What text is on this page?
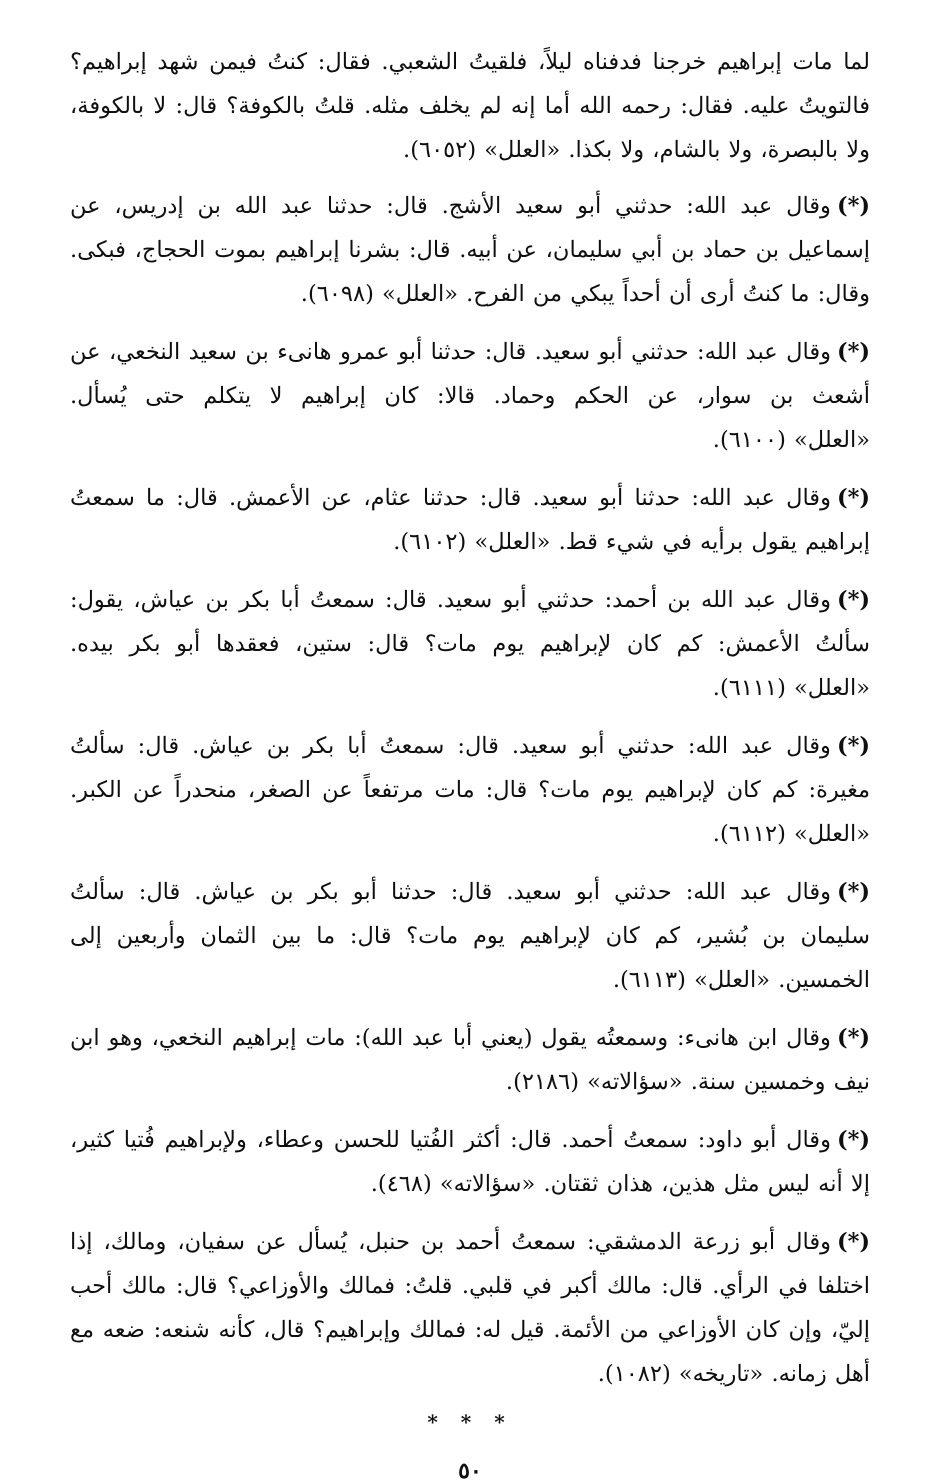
لما مات إبراهيم خرجنا فدفناه ليلاً، فلقيتُ الشعبي. فقال: كنتُ فيمن شهد إبراهيم؟ فالتويتُ عليه. فقال: رحمه الله أما إنه لم يخلف مثله. قلتُ بالكوفة؟ قال: لا بالكوفة، ولا بالبصرة، ولا بالشام، ولا بكذا. «العلل» (٦٠٥٢).

(*)وقال عبد الله: حدثني أبو سعيد الأشج. قال: حدثنا عبد الله بن إدريس، عن إسماعيل بن حماد بن أبي سليمان، عن أبيه. قال: بشرنا إبراهيم بموت الحجاج، فبكى. وقال: ما كنتُ أرى أن أحداً يبكي من الفرح. «العلل» (٦٠٩٨).

(*)وقال عبد الله: حدثني أبو سعيد. قال: حدثنا أبو عمرو هانىء بن سعيد النخعي، عن أشعث بن سوار، عن الحكم وحماد. قالا: كان إبراهيم لا يتكلم حتى يُسأل. «العلل» (٦١٠٠).

(*)وقال عبد الله: حدثنا أبو سعيد. قال: حدثنا عثام، عن الأعمش. قال: ما سمعتُ إبراهيم يقول برأيه في شيء قط. «العلل» (٦١٠٢).

(*)وقال عبد الله بن أحمد: حدثني أبو سعيد. قال: سمعتُ أبا بكر بن عياش، يقول: سألتُ الأعمش: كم كان لإبراهيم يوم مات؟ قال: ستين، فعقدها أبو بكر بيده. «العلل» (٦١١١).

(*)وقال عبد الله: حدثني أبو سعيد. قال: سمعتُ أبا بكر بن عياش. قال: سألتُ مغيرة: كم كان لإبراهيم يوم مات؟ قال: مات مرتفعاً عن الصغر، منحدراً عن الكبر. «العلل» (٦١١٢).

(*)وقال عبد الله: حدثني أبو سعيد. قال: حدثنا أبو بكر بن عياش. قال: سألتُ سليمان بن بُشير، كم كان لإبراهيم يوم مات؟ قال: ما بين الثمان وأربعين إلى الخمسين. «العلل» (٦١١٣).

(*)وقال ابن هانىء: وسمعتُه يقول (يعني أبا عبد الله): مات إبراهيم النخعي، وهو ابن نيف وخمسين سنة. «سؤالاته» (٢١٨٦).

(*)وقال أبو داود: سمعتُ أحمد. قال: أكثر الفُتيا للحسن وعطاء، ولإبراهيم فُتيا كثير، إلا أنه ليس مثل هذين، هذان ثقتان. «سؤالاته» (٤٦٨).

(*)وقال أبو زرعة الدمشقي: سمعتُ أحمد بن حنبل، يُسأل عن سفيان، ومالك، إذا اختلفا في الرأي. قال: مالك أكبر في قلبي. قلتُ: فمالك والأوزاعي؟ قال: مالك أحب إليّ، وإن كان الأوزاعي من الأئمة. قيل له: فمالك وإبراهيم؟ قال، كأنه شنعه: ضعه مع أهل زمانه. «تاريخه» (١٠٨٢).

* * *
٥٠
